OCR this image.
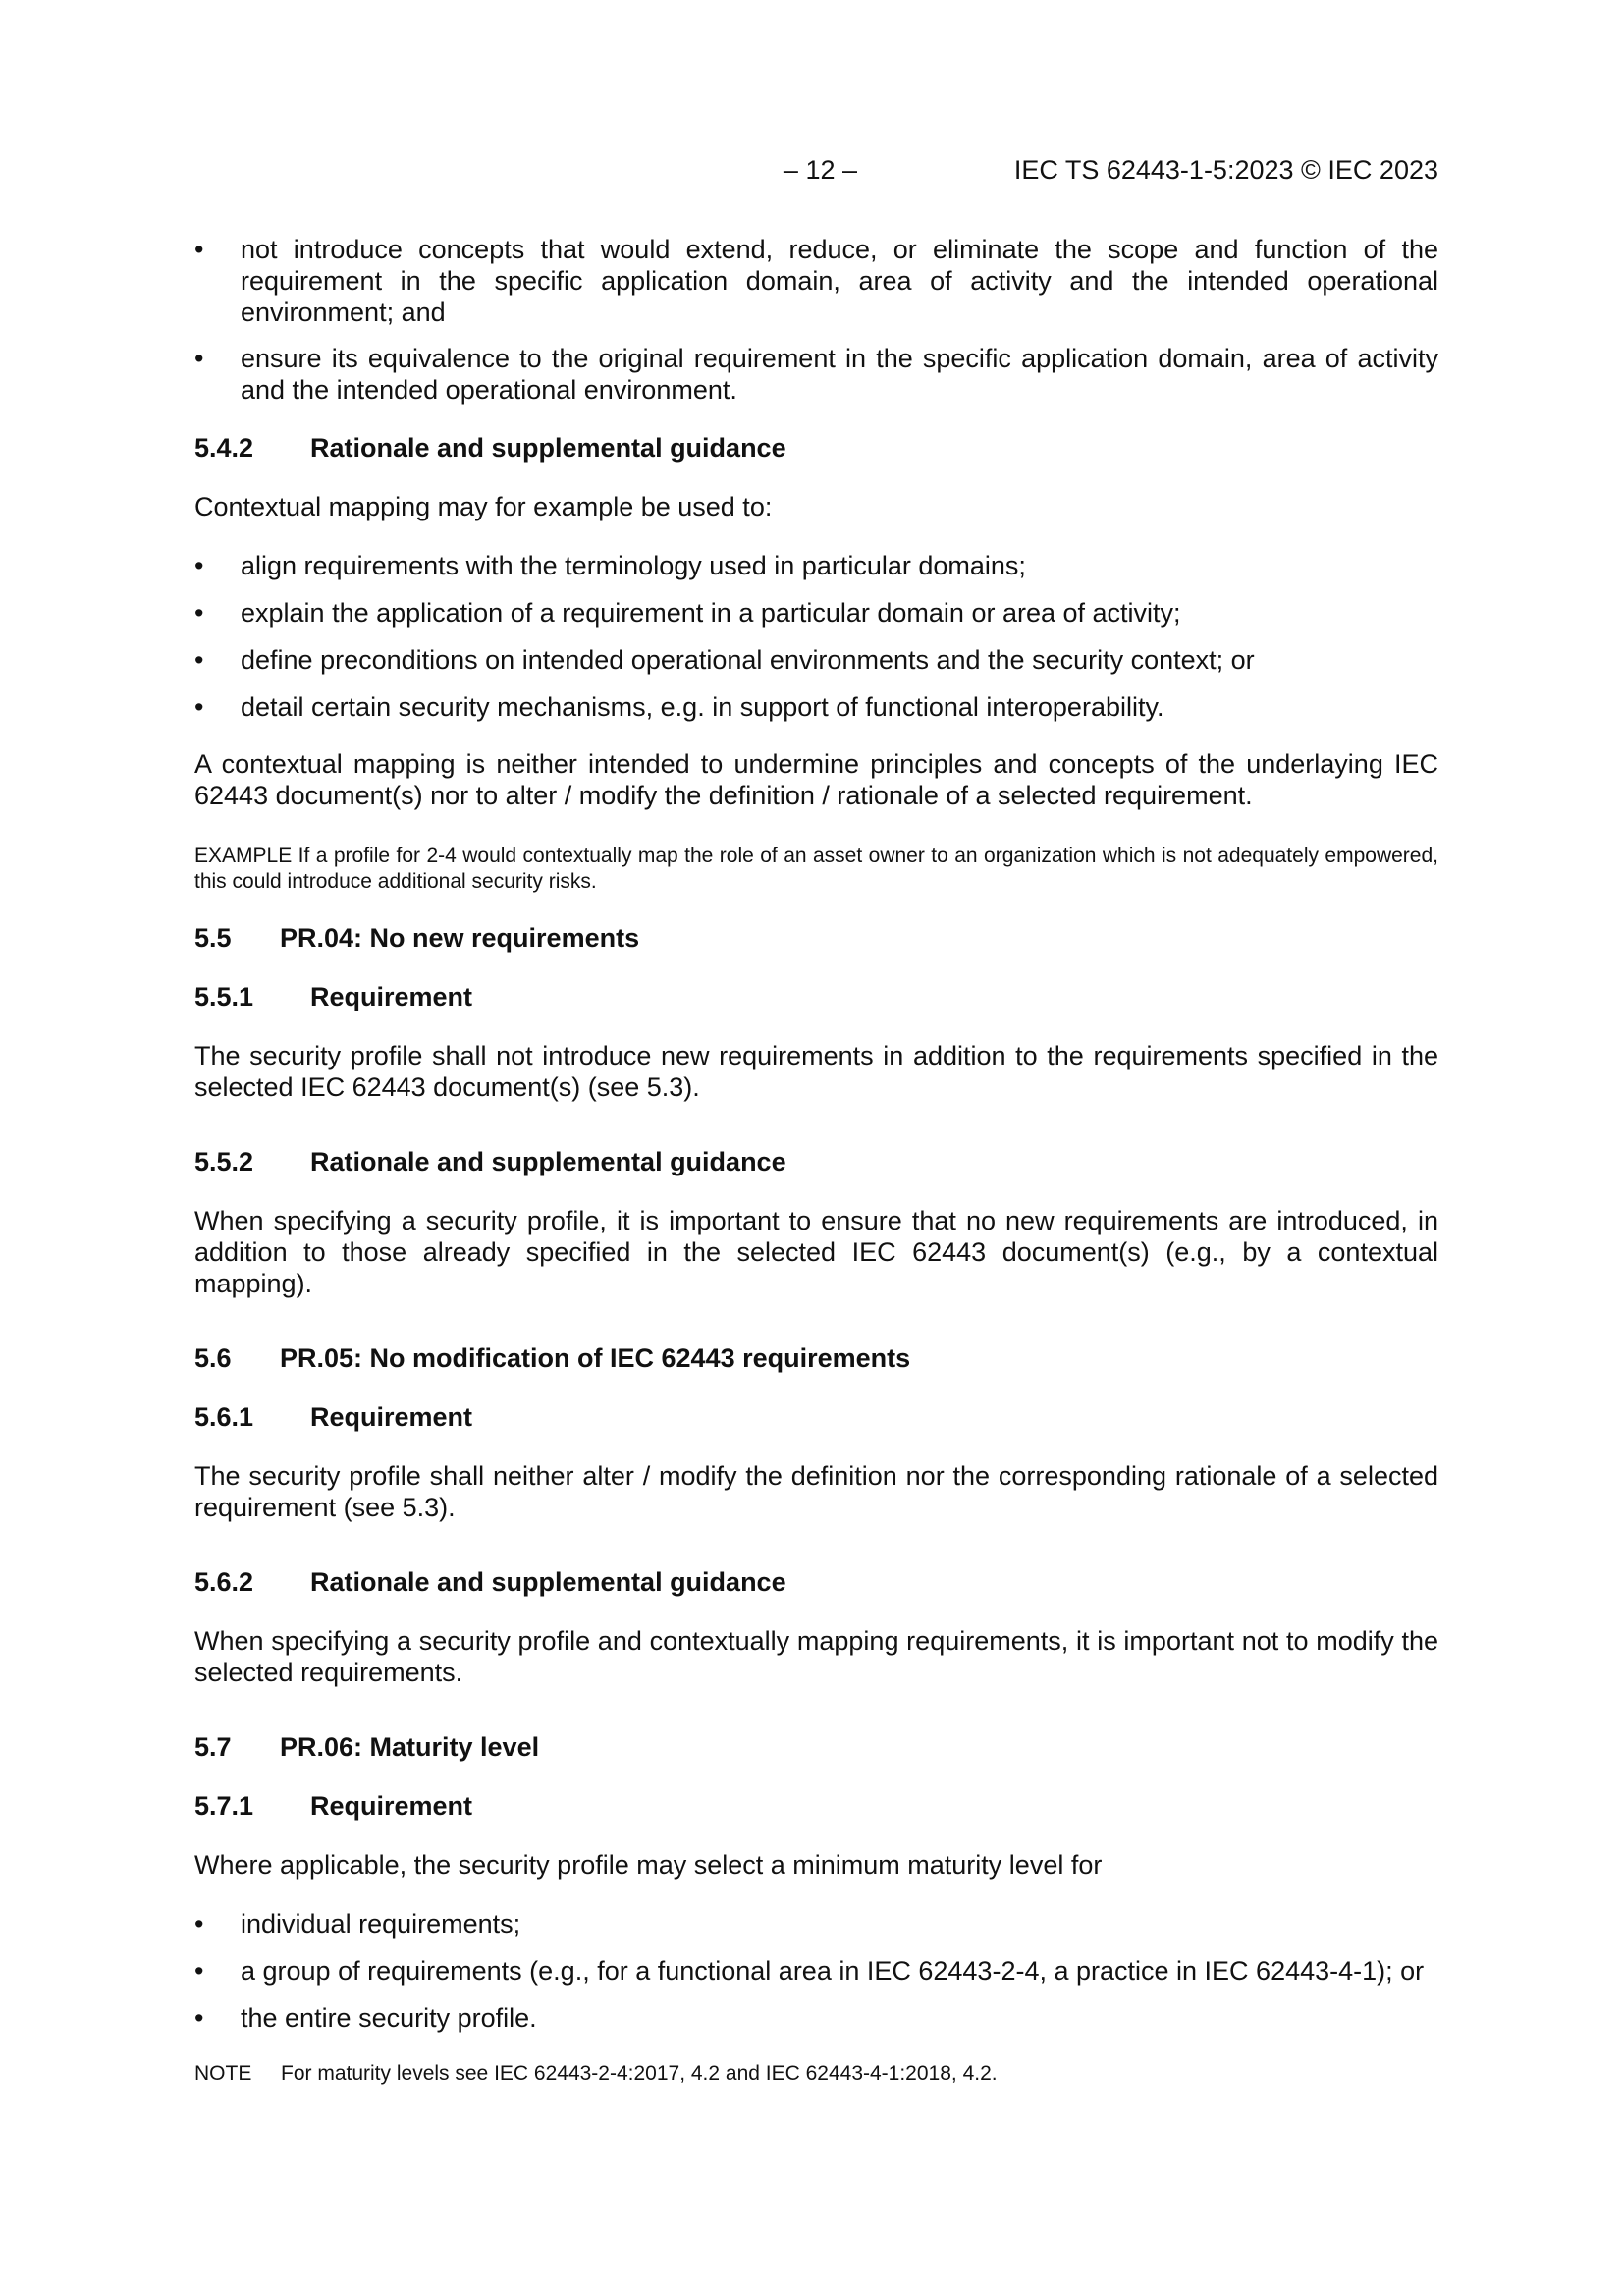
– 12 –	IEC TS 62443-1-5:2023 © IEC 2023

• not introduce concepts that would extend, reduce, or eliminate the scope and function of the requirement in the specific application domain, area of activity and the intended operational environment; and

• ensure its equivalence to the original requirement in the specific application domain, area of activity and the intended operational environment.

5.4.2 Rationale and supplemental guidance

Contextual mapping may for example be used to:

• align requirements with the terminology used in particular domains;

• explain the application of a requirement in a particular domain or area of activity;

• define preconditions on intended operational environments and the security context; or

• detail certain security mechanisms, e.g. in support of functional interoperability.

A contextual mapping is neither intended to undermine principles and concepts of the underlaying IEC 62443 document(s) nor to alter / modify the definition / rationale of a selected requirement.

EXAMPLE If a profile for 2-4 would contextually map the role of an asset owner to an organization which is not adequately empowered, this could introduce additional security risks.

5.5 PR.04: No new requirements

5.5.1 Requirement

The security profile shall not introduce new requirements in addition to the requirements specified in the selected IEC 62443 document(s) (see 5.3).

5.5.2 Rationale and supplemental guidance

When specifying a security profile, it is important to ensure that no new requirements are introduced, in addition to those already specified in the selected IEC 62443 document(s) (e.g., by a contextual mapping).

5.6 PR.05: No modification of IEC 62443 requirements

5.6.1 Requirement

The security profile shall neither alter / modify the definition nor the corresponding rationale of a selected requirement (see 5.3).

5.6.2 Rationale and supplemental guidance

When specifying a security profile and contextually mapping requirements, it is important not to modify the selected requirements.

5.7 PR.06: Maturity level

5.7.1 Requirement

Where applicable, the security profile may select a minimum maturity level for

• individual requirements;

• a group of requirements (e.g., for a functional area in IEC 62443-2-4, a practice in IEC 62443-4-1); or

• the entire security profile.

NOTE For maturity levels see IEC 62443-2-4:2017, 4.2 and IEC 62443-4-1:2018, 4.2.
